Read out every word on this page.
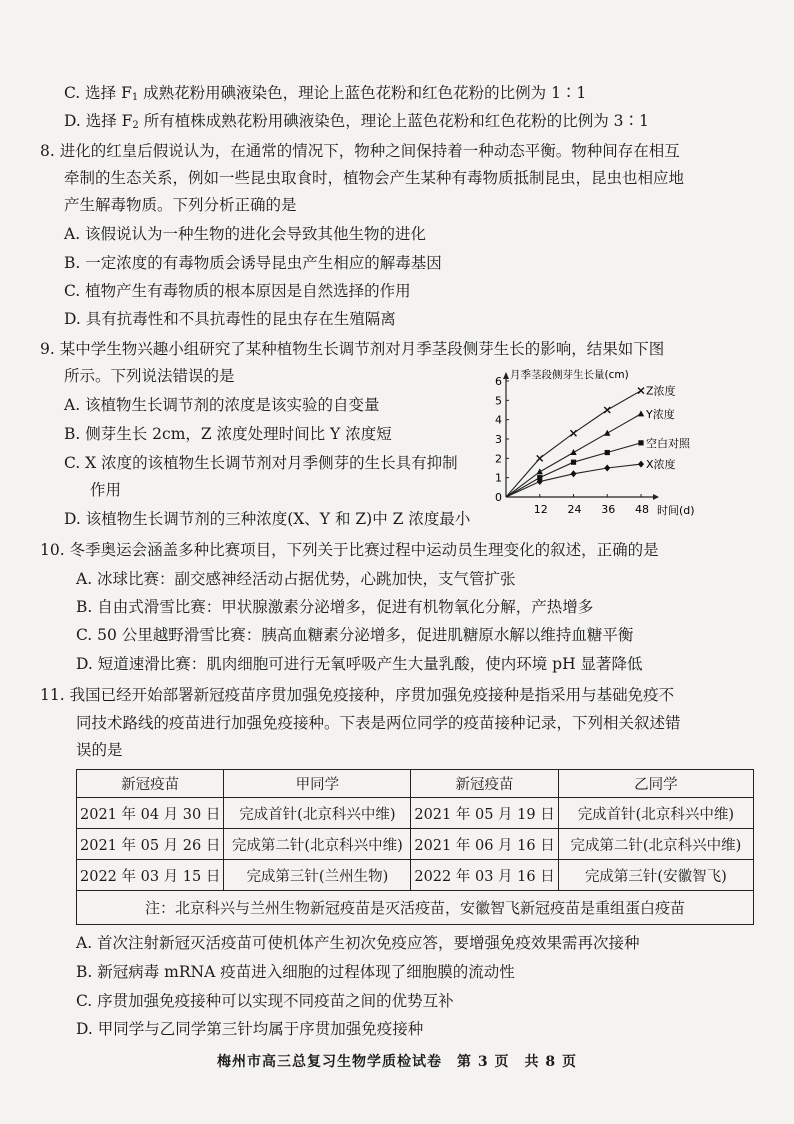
C. 选择 $F_1$ 成熟花粉用碘液染色，理论上蓝色花粉和红色花粉的比例为 1∶1
D. 选择 $F_2$ 所有植株成熟花粉用碘液染色，理论上蓝色花粉和红色花粉的比例为 3∶1
8. 进化的红皇后假说认为，在通常的情况下，物种之间保持着一种动态平衡。物种间存在相互
牵制的生态关系，例如一些昆虫取食时，植物会产生某种有毒物质抵制昆虫，昆虫也相应地
产生解毒物质。下列分析正确的是
A. 该假说认为一种生物的进化会导致其他生物的进化
B. 一定浓度的有毒物质会诱导昆虫产生相应的解毒基因
C. 植物产生有毒物质的根本原因是自然选择的作用
D. 具有抗毒性和不具抗毒性的昆虫存在生殖隔离
9. 某中学生物兴趣小组研究了某种植物生长调节剂对月季茎段侧芽生长的影响，结果如下图
所示。下列说法错误的是
A. 该植物生长调节剂的浓度是该实验的自变量
B. 侧芽生长 2cm，Z 浓度处理时间比 Y 浓度短
C. X 浓度的该植物生长调节剂对月季侧芽的生长具有抑制
作用
D. 该植物生长调节剂的三种浓度(X、Y 和 Z)中 Z 浓度最小
10. 冬季奥运会涵盖多种比赛项目，下列关于比赛过程中运动员生理变化的叙述，正确的是
A. 冰球比赛：副交感神经活动占据优势，心跳加快，支气管扩张
B. 自由式滑雪比赛：甲状腺激素分泌增多，促进有机物氧化分解，产热增多
C. 50 公里越野滑雪比赛：胰高血糖素分泌增多，促进肌糖原水解以维持血糖平衡
D. 短道速滑比赛：肌肉细胞可进行无氧呼吸产生大量乳酸，使内环境 pH 显著降低
11. 我国已经开始部署新冠疫苗序贯加强免疫接种，序贯加强免疫接种是指采用与基础免疫不
同技术路线的疫苗进行加强免疫接种。下表是两位同学的疫苗接种记录，下列相关叙述错
误的是
A. 首次注射新冠灭活疫苗可使机体产生初次免疫应答，要增强免疫效果需再次接种
B. 新冠病毒 mRNA 疫苗进入细胞的过程体现了细胞膜的流动性
C. 序贯加强免疫接种可以实现不同疫苗之间的优势互补
D. 甲同学与乙同学第三针均属于序贯加强免疫接种
0
1
2
3
4
5
6
12 24 36 48
月季茎段侧芽生长量(cm)
时间(d)
Z浓度
Y浓度
空白对照
X浓度
新冠疫苗	甲同学	新冠疫苗	乙同学
2021 年 04 月 30 日	完成首针(北京科兴中维)	2021 年 05 月 19 日	完成首针(北京科兴中维)
2021 年 05 月 26 日	完成第二针(北京科兴中维)	2021 年 06 月 16 日	完成第二针(北京科兴中维)
2022 年 03 月 15 日	完成第三针(兰州生物)	2022 年 03 月 16 日	完成第三针(安徽智飞)
注：北京科兴与兰州生物新冠疫苗是灭活疫苗，安徽智飞新冠疫苗是重组蛋白疫苗			
梅州市高三总复习生物学质检试卷　第 3 页　共 8 页
